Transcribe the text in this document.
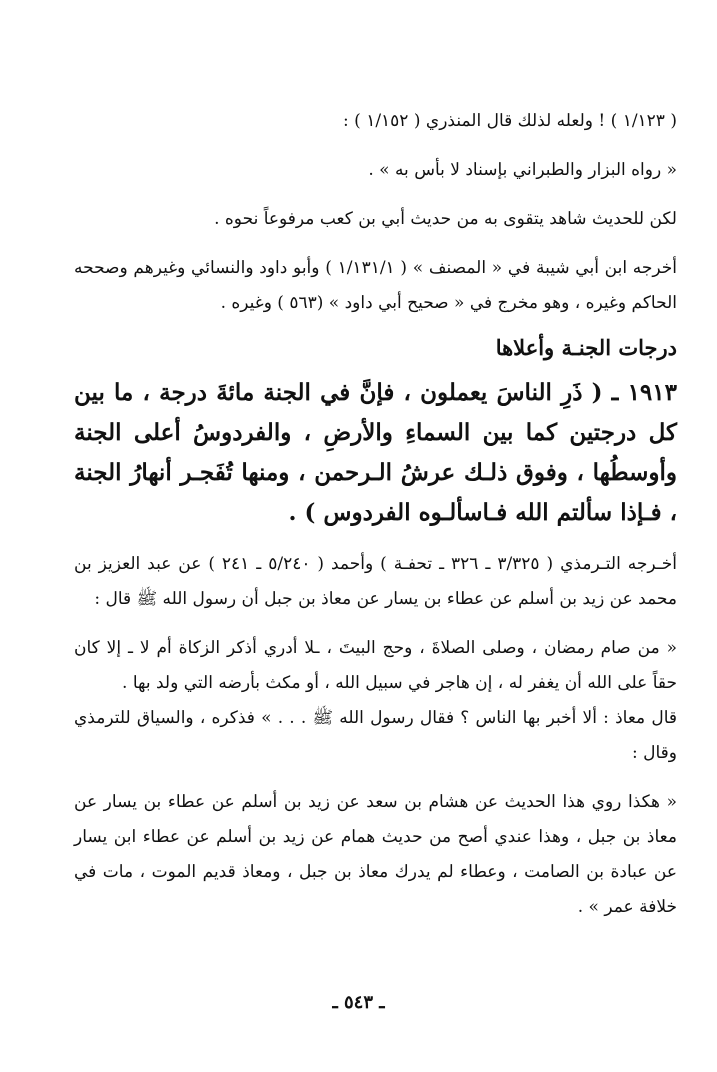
( ١/١٢٣ ) ! ولعله لذلك قال المنذري ( ١/١٥٢ ) :

« رواه البزار والطبراني بإسناد لا بأس به » .

لكن للحديث شاهد يتقوى به من حديث أبي بن كعب مرفوعاً نحوه .

أخرجه ابن أبي شيبة في « المصنف » ( ١/١٣١/١ ) وأبو داود والنسائي وغيرهم وصححه الحاكم وغيره ، وهو مخرج في « صحيح أبي داود » (٥٦٣ ) وغيره .

درجات الجنـة وأعلاها

١٩١٣ ـ ( ذَرِ الناسَ يعملون ، فإنَّ في الجنة مائةَ درجة ، ما بين كل درجتين كما بين السماءِ والأرضِ ، والفردوسُ أعلى الجنة وأوسطُها ، وفوق ذلـك عرشُ الـرحمن ، ومنها تُفَجـر أنهارُ الجنة ، فـإذا سألتم الله فـاسألـوه الفردوس ) .

أخـرجه التـرمذي ( ٣/٣٢٥ ـ ٣٢٦ ـ تحفـة ) وأحمد ( ٥/٢٤٠ ـ ٢٤١ ) عن عبد العزيز بن محمد عن زيد بن أسلم عن عطاء بن يسار عن معاذ بن جبل أن رسول الله ﷺ قال :

« من صام رمضان ، وصلى الصلاةَ ، وحج البيتَ ، ـلا أدري أذكر الزكاة أم لا ـ إلا كان حقاً على الله أن يغفر له ، إن هاجر في سبيل الله ، أو مكث بأرضه التي ولد بها .

قال معاذ : ألا أخبر بها الناس ؟ فقال رسول الله ﷺ . . . » فذكره ، والسياق للترمذي وقال :

« هكذا روي هذا الحديث عن هشام بن سعد عن زيد بن أسلم عن عطاء بن يسار عن معاذ بن جبل ، وهذا عندي أصح من حديث همام عن زيد بن أسلم عن عطاء ابن يسار عن عبادة بن الصامت ، وعطاء لم يدرك معاذ بن جبل ، ومعاذ قديم الموت ، مات في خلافة عمر » .

ـ ٥٤٣ ـ
